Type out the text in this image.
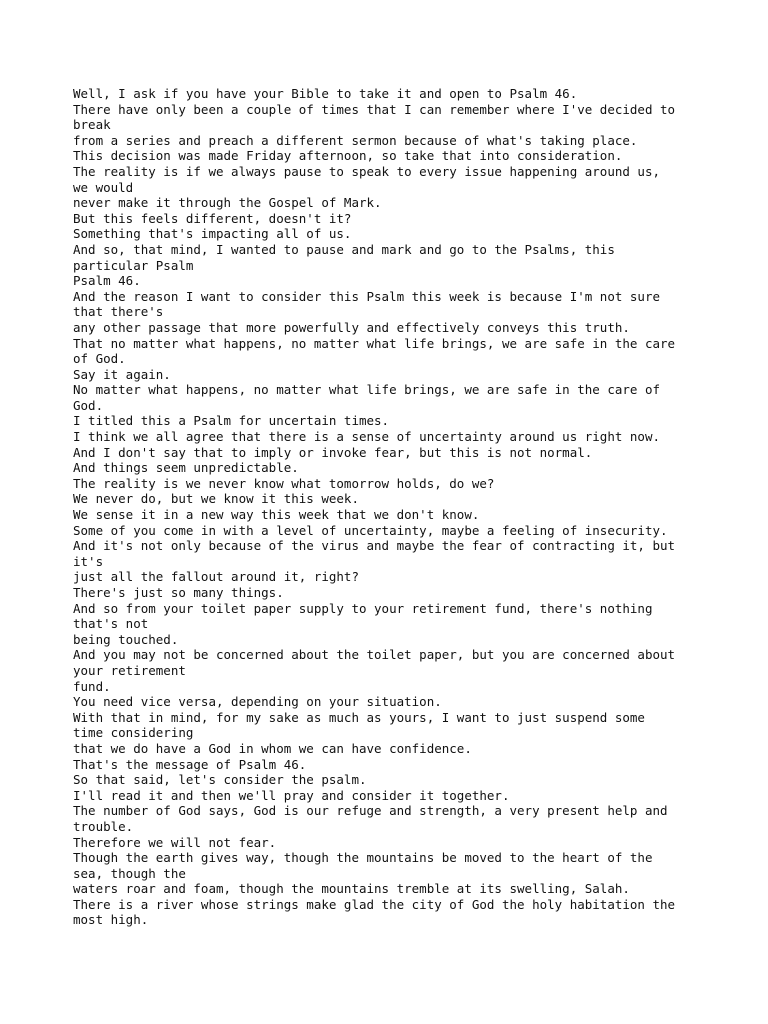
Well, I ask if you have your Bible to take it and open to Psalm 46.
There have only been a couple of times that I can remember where I've decided to
break
from a series and preach a different sermon because of what's taking place.
This decision was made Friday afternoon, so take that into consideration.
The reality is if we always pause to speak to every issue happening around us,
we would
never make it through the Gospel of Mark.
But this feels different, doesn't it?
Something that's impacting all of us.
And so, that mind, I wanted to pause and mark and go to the Psalms, this
particular Psalm
Psalm 46.
And the reason I want to consider this Psalm this week is because I'm not sure
that there's
any other passage that more powerfully and effectively conveys this truth.
That no matter what happens, no matter what life brings, we are safe in the care
of God.
Say it again.
No matter what happens, no matter what life brings, we are safe in the care of
God.
I titled this a Psalm for uncertain times.
I think we all agree that there is a sense of uncertainty around us right now.
And I don't say that to imply or invoke fear, but this is not normal.
And things seem unpredictable.
The reality is we never know what tomorrow holds, do we?
We never do, but we know it this week.
We sense it in a new way this week that we don't know.
Some of you come in with a level of uncertainty, maybe a feeling of insecurity.
And it's not only because of the virus and maybe the fear of contracting it, but
it's
just all the fallout around it, right?
There's just so many things.
And so from your toilet paper supply to your retirement fund, there's nothing
that's not
being touched.
And you may not be concerned about the toilet paper, but you are concerned about
your retirement
fund.
You need vice versa, depending on your situation.
With that in mind, for my sake as much as yours, I want to just suspend some
time considering
that we do have a God in whom we can have confidence.
That's the message of Psalm 46.
So that said, let's consider the psalm.
I'll read it and then we'll pray and consider it together.
The number of God says, God is our refuge and strength, a very present help and
trouble.
Therefore we will not fear.
Though the earth gives way, though the mountains be moved to the heart of the
sea, though the
waters roar and foam, though the mountains tremble at its swelling, Salah.
There is a river whose strings make glad the city of God the holy habitation the
most high.
